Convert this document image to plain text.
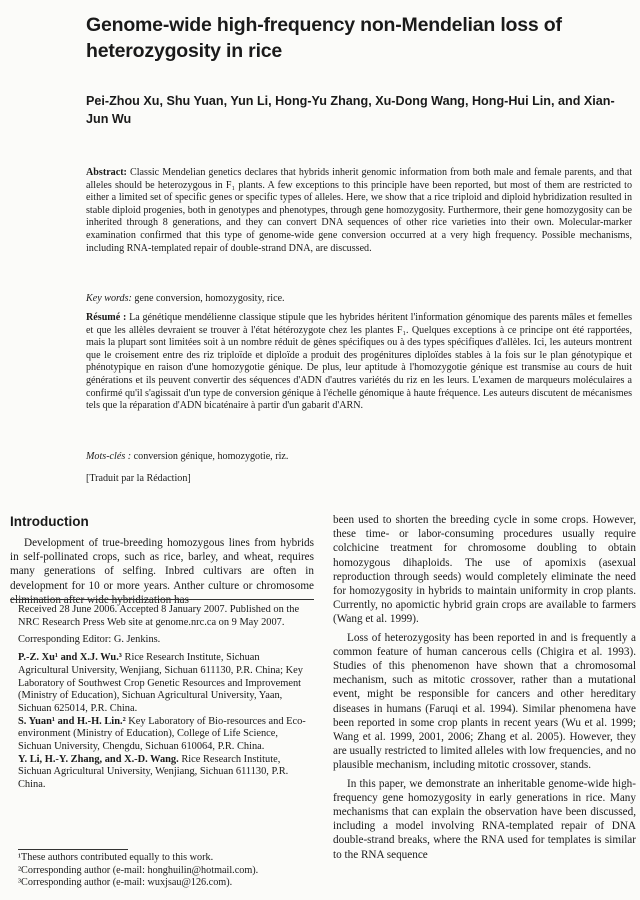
Genome-wide high-frequency non-Mendelian loss of heterozygosity in rice
Pei-Zhou Xu, Shu Yuan, Yun Li, Hong-Yu Zhang, Xu-Dong Wang, Hong-Hui Lin, and Xian-Jun Wu
Abstract: Classic Mendelian genetics declares that hybrids inherit genomic information from both male and female parents, and that alleles should be heterozygous in F₁ plants. A few exceptions to this principle have been reported, but most of them are restricted to either a limited set of specific genes or specific types of alleles. Here, we show that a rice triploid and diploid hybridization resulted in stable diploid progenies, both in genotypes and phenotypes, through gene homozygosity. Furthermore, their gene homozygosity can be inherited through 8 generations, and they can convert DNA sequences of other rice varieties into their own. Molecular-marker examination confirmed that this type of genome-wide gene conversion occurred at a very high frequency. Possible mechanisms, including RNA-templated repair of double-strand DNA, are discussed.
Key words: gene conversion, homozygosity, rice.
Résumé : La génétique mendélienne classique stipule que les hybrides héritent l'information génomique des parents mâles et femelles et que les allèles devraient se trouver à l'état hétérozygote chez les plantes F₁. Quelques exceptions à ce principe ont été rapportées, mais la plupart sont limitées soit à un nombre réduit de gènes spécifiques ou à des types spécifiques d'allèles. Ici, les auteurs montrent que le croisement entre des riz triploïde et diploïde a produit des progénitures diploïdes stables à la fois sur le plan génotypique et phénotypique en raison d'une homozygotie génique. De plus, leur aptitude à l'homozygotie génique est transmise au cours de huit générations et ils peuvent convertir des séquences d'ADN d'autres variétés du riz en les leurs. L'examen de marqueurs moléculaires a confirmé qu'il s'agissait d'un type de conversion génique à l'échelle génomique à haute fréquence. Les auteurs discutent de mécanismes tels que la réparation d'ADN bicaténaire à partir d'un gabarit d'ARN.
Mots-clés : conversion génique, homozygotie, riz.
[Traduit par la Rédaction]
Introduction

Development of true-breeding homozygous lines from hybrids in self-pollinated crops, such as rice, barley, and wheat, requires many generations of selfing. Inbred cultivars are often in development for 10 or more years. Anther culture or chromosome elimination after wide hybridization has

Received 28 June 2006. Accepted 8 January 2007. Published on the NRC Research Press Web site at genome.nrc.ca on 9 May 2007.

Corresponding Editor: G. Jenkins.

P.-Z. Xu¹ and X.J. Wu.³ Rice Research Institute, Sichuan Agricultural University, Wenjiang, Sichuan 611130, P.R. China; Key Laboratory of Southwest Crop Genetic Resources and Improvement (Ministry of Education), Sichuan Agricultural University, Yaan, Sichuan 625014, P.R. China.

S. Yuan¹ and H.-H. Lin.² Key Laboratory of Bio-resources and Eco-environment (Ministry of Education), College of Life Science, Sichuan University, Chengdu, Sichuan 610064, P.R. China.

Y. Li, H.-Y. Zhang, and X.-D. Wang. Rice Research Institute, Sichuan Agricultural University, Wenjiang, Sichuan 611130, P.R. China.

¹These authors contributed equally to this work.

²Corresponding author (e-mail: honghuilin@hotmail.com).

³Corresponding author (e-mail: wuxjsau@126.com).

been used to shorten the breeding cycle in some crops. However, these time- or labor-consuming procedures usually require colchicine treatment for chromosome doubling to obtain homozygous dihaploids. The use of apomixis (asexual reproduction through seeds) would completely eliminate the need for homozygosity in hybrids to maintain uniformity in crop plants. Currently, no apomictic hybrid grain crops are available to farmers (Wang et al. 1999).

Loss of heterozygosity has been reported in and is frequently a common feature of human cancerous cells (Chigira et al. 1993). Studies of this phenomenon have shown that a chromosomal mechanism, such as mitotic crossover, rather than a mutational event, might be responsible for cancers and other hereditary diseases in humans (Faruqi et al. 1994). Similar phenomena have been reported in some crop plants in recent years (Wu et al. 1999; Wang et al. 1999, 2001, 2006; Zhang et al. 2005). However, they are usually restricted to limited alleles with low frequencies, and no plausible mechanism, including mitotic crossover, stands.

In this paper, we demonstrate an inheritable genome-wide high-frequency gene homozygosity in early generations in rice. Many mechanisms that can explain the observation have been discussed, including a model involving RNA-templated repair of DNA double-strand breaks, where the RNA used for templates is similar to the RNA sequence
